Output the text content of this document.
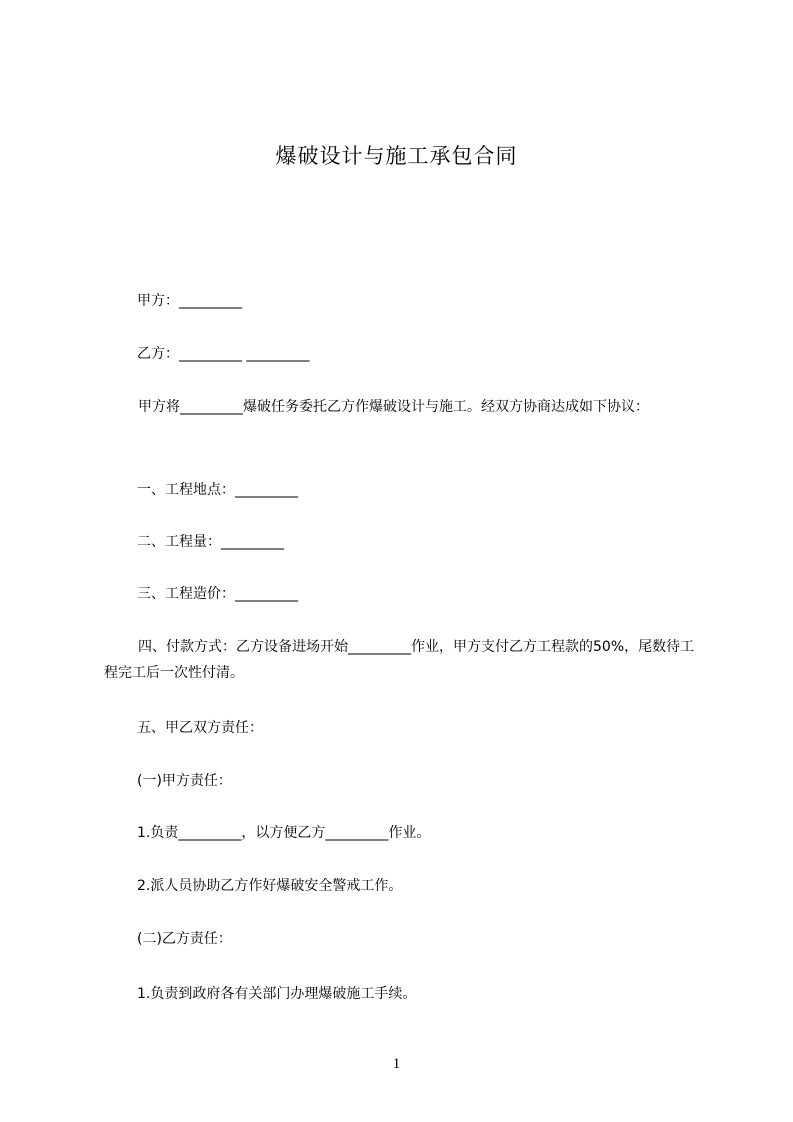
爆破设计与施工承包合同
甲方：_________
乙方：_________ _________
甲方将_________爆破任务委托乙方作爆破设计与施工。经双方协商达成如下协议：
一、工程地点：_________
二、工程量：_________
三、工程造价：_________
四、付款方式：乙方设备进场开始_________作业，甲方支付乙方工程款的50%，尾数待工程完工后一次性付清。
五、甲乙双方责任：
(一)甲方责任：
1.负责_________，以方便乙方_________作业。
2.派人员协助乙方作好爆破安全警戒工作。
(二)乙方责任：
1.负责到政府各有关部门办理爆破施工手续。
1
